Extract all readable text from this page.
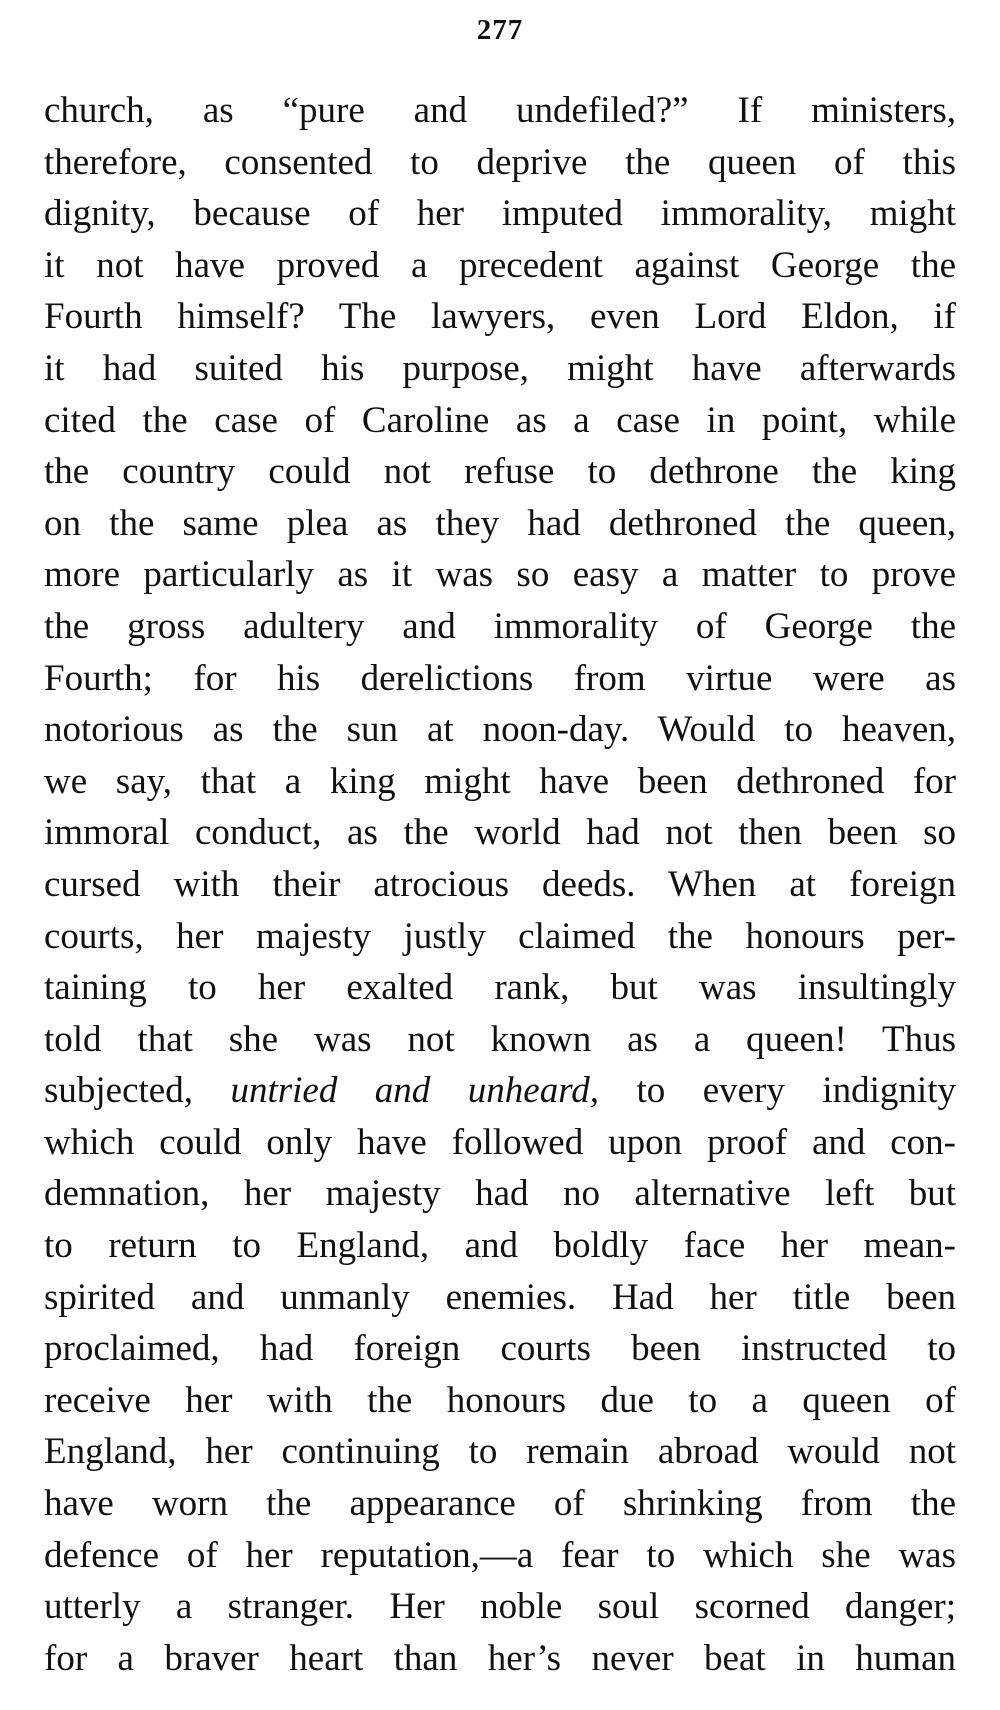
277
church, as “pure and undefiled?” If ministers,
therefore, consented to deprive the queen of this
dignity, because of her imputed immorality, might
it not have proved a precedent against George the
Fourth himself? The lawyers, even Lord Eldon, if
it had suited his purpose, might have afterwards
cited the case of Caroline as a case in point, while
the country could not refuse to dethrone the king
on the same plea as they had dethroned the queen,
more particularly as it was so easy a matter to prove
the gross adultery and immorality of George the
Fourth; for his derelictions from virtue were as
notorious as the sun at noon-day. Would to heaven,
we say, that a king might have been dethroned for
immoral conduct, as the world had not then been so
cursed with their atrocious deeds. When at foreign
courts, her majesty justly claimed the honours per-
taining to her exalted rank, but was insultingly
told that she was not known as a queen! Thus
subjected, untried and unheard, to every indignity
which could only have followed upon proof and con-
demnation, her majesty had no alternative left but
to return to England, and boldly face her mean-
spirited and unmanly enemies. Had her title been
proclaimed, had foreign courts been instructed to
receive her with the honours due to a queen of
England, her continuing to remain abroad would not
have worn the appearance of shrinking from the
defence of her reputation,—a fear to which she was
utterly a stranger. Her noble soul scorned danger;
for a braver heart than her’s never beat in human
